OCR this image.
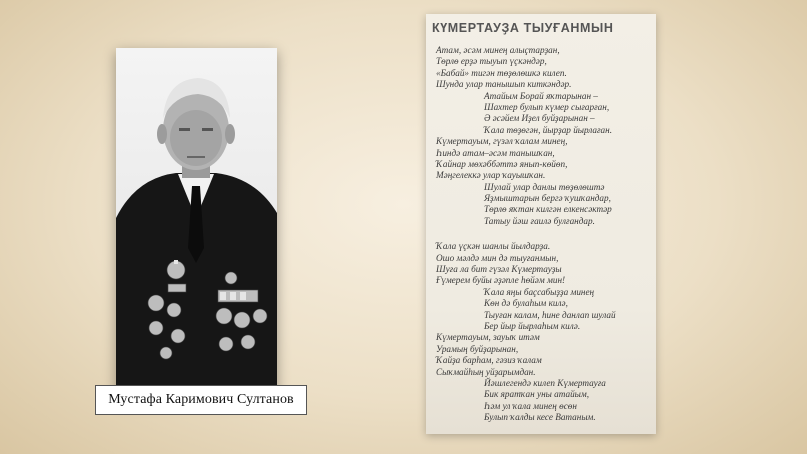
Мустафа Каримович Султанов
КҮМЕРТАУҘА ТЫУҒАНМЫН
Атам, әсәм минең алыҫтарҙан,
Төрлө ерҙә тыуып үҫкәндәр,
«Бабай» тигән төҙөлөшкә килеп.
Шунда улар танышып киткәндәр.
Атайым Борай яҡтарынан –
Шахтер булып күмер сығарған,
Ә әсәйем Иҙел буйҙарынан –
Ҡала төҙөгән, йырҙар йырлаған.
Күмертауым, гүзәл ҡалам минең,
Һиндә атам–әсәм танышҡан,
Ҡайнар мөхәббәттә янып-көйөп,
Мәңгелеккә улар ҡауышҡан.
Шулай улар данлы төҙөлөштә
Яҙмыштарын бергә ҡушҡандар,
Төрлө яҡтан килгән елкенсәктәр
Татыу йәш ғаилә булғандар.
Ҡала үҫкән шанлы йылдарҙа.
Ошо мәлдә мин дә тыуғанмын,
Шуға ла бит гүзәл Күмертауҙы
Ғүмерем буйы әҙәпле һөйәм мин!
Ҡала яңы баҫсабыҙҙа минең
Көн дә булаһым килә,
Тыуған калам, һине данлап шулай
Бер йыр йырлаһым килә.
Күмертауым, зауыҡ итәм
Урамың буйҙарынан,
Ҡайҙа барһам, гәзиз ҡалам
Сыҡмайһың уйҙарымдан.
Йәшлегендә килеп Күмертауға
Бик яратҡан уны атайым,
Һәм ул ҡала минең өсөн
Булып ҡалды кесе Ватаным.
